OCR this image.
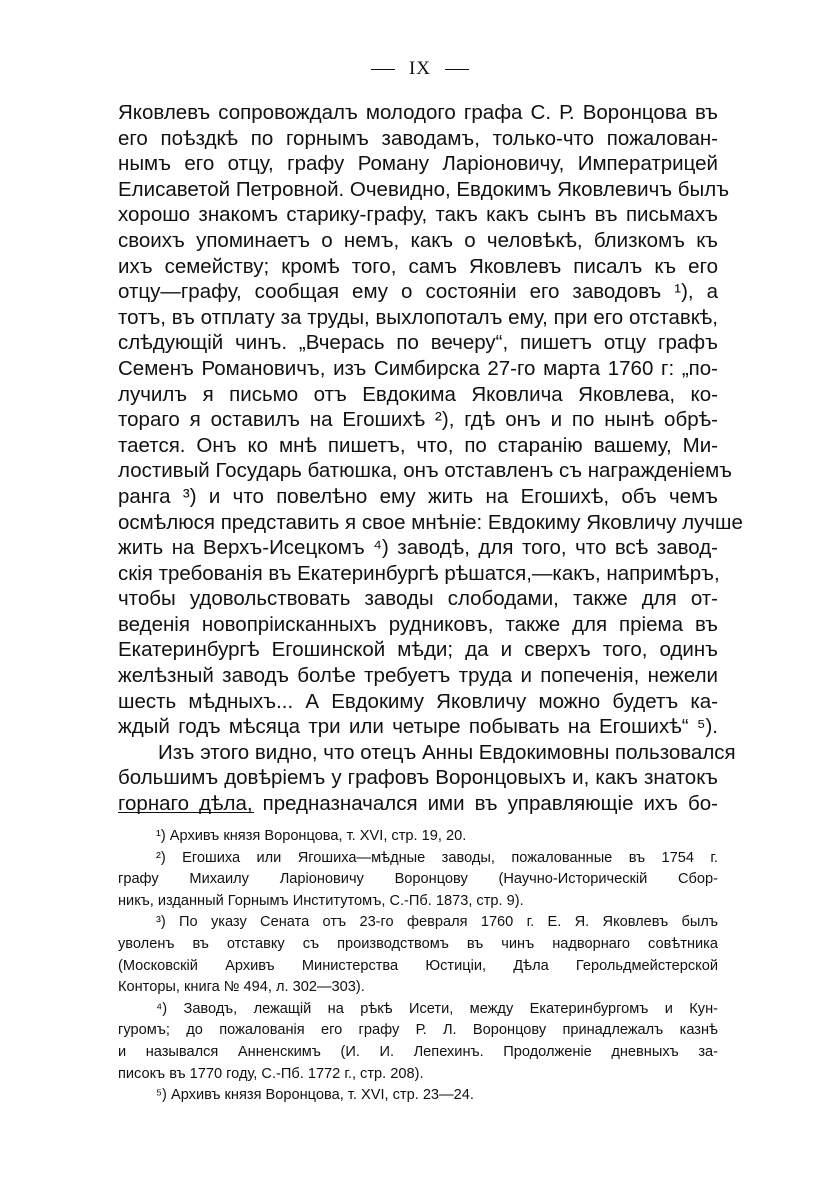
IX
Яковлевъ сопровождалъ молодого графа С. Р. Воронцова въ
его поѣздкѣ по горнымъ заводамъ, только-что пожалован-
нымъ его отцу, графу Роману Ларіоновичу, Императрицей
Елисаветой Петровной. Очевидно, Евдокимъ Яковлевичъ былъ
хорошо знакомъ старику-графу, такъ какъ сынъ въ письмахъ
своихъ упоминаетъ о немъ, какъ о человѣкѣ, близкомъ къ
ихъ семейству; кромѣ того, самъ Яковлевъ писалъ къ его
отцу—графу, сообщая ему о состояніи его заводовъ ¹), а
тотъ, въ отплату за труды, выхлопоталъ ему, при его отставкѣ,
слѣдующій чинъ. „Вчерась по вечеру“, пишетъ отцу графъ
Семенъ Романовичъ, изъ Симбирска 27-го марта 1760 г: „по-
лучилъ я письмо отъ Евдокима Яковлича Яковлева, ко-
тораго я оставилъ на Егошихѣ ²), гдѣ онъ и по нынѣ обрѣ-
тается. Онъ ко мнѣ пишетъ, что, по старанію вашему, Ми-
лостивый Государь батюшка, онъ отставленъ съ награжденіемъ
ранга ³) и что повелѣно ему жить на Егошихѣ, объ чемъ
осмѣлюся представить я свое мнѣніе: Евдокиму Яковличу лучше
жить на Верхъ-Исецкомъ ⁴) заводѣ, для того, что всѣ завод-
скія требованія въ Екатеринбургѣ рѣшатся,—какъ, напримѣръ,
чтобы удовольствовать заводы слободами, также для от-
веденія новопріисканныхъ рудниковъ, также для пріема въ
Екатеринбургѣ Егошинской мѣди; да и сверхъ того, одинъ
желѣзный заводъ болѣе требуетъ труда и попеченія, нежели
шесть мѣдныхъ... А Евдокиму Яковличу можно будетъ ка-
ждый годъ мѣсяца три или четыре побывать на Егошихѣ“ ⁵).
Изъ этого видно, что отецъ Анны Евдокимовны пользовался
большимъ довѣріемъ у графовъ Воронцовыхъ и, какъ знатокъ
горнаго дѣла, предназначался ими въ управляющіе ихъ бо-
¹) Архивъ князя Воронцова, т. XVI, стр. 19, 20.
²) Егошиха или Ягошиха—мѣдные заводы, пожалованные въ 1754 г.
графу Михаилу Ларіоновичу Воронцову (Научно-Историческій Сбор-
никъ, изданный Горнымъ Институтомъ, С.-Пб. 1873, стр. 9).
³) По указу Сената отъ 23-го февраля 1760 г. Е. Я. Яковлевъ былъ
уволенъ въ отставку съ производствомъ въ чинъ надворнаго совѣтника
(Московскій Архивъ Министерства Юстиціи, Дѣла Герольдмейстерской
Конторы, книга № 494, л. 302—303).
⁴) Заводъ, лежащій на рѣкѣ Исети, между Екатеринбургомъ и Кун-
гуромъ; до пожалованія его графу Р. Л. Воронцову принадлежалъ казнѣ
и назывался Анненскимъ (И. И. Лепехинъ. Продолженіе дневныхъ за-
писокъ въ 1770 году, С.-Пб. 1772 г., стр. 208).
⁵) Архивъ князя Воронцова, т. XVI, стр. 23—24.
